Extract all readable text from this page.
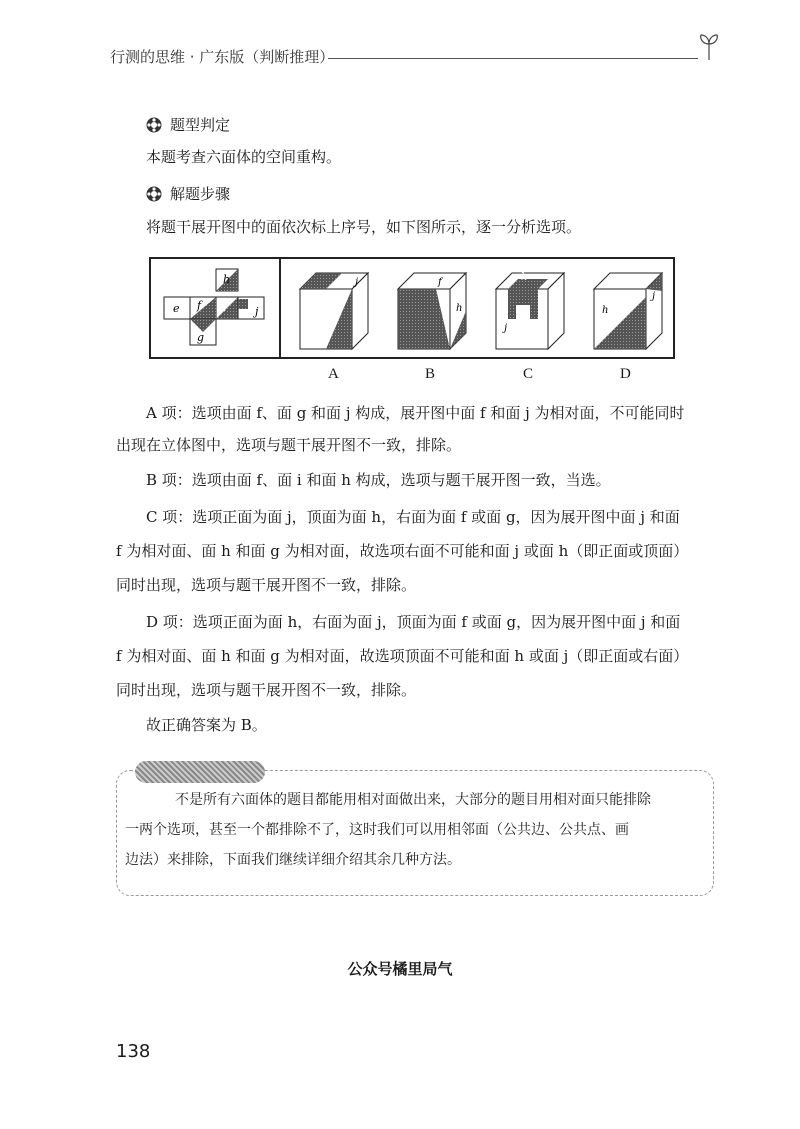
行测的思维 · 广东版（判断推理）
题型判定
本题考查六面体的空间重构。
解题步骤
将题干展开图中的面依次标上序号，如下图所示，逐一分析选项。
h
e f i	j
g
j	f
h
h
j
j
h
A	B	C	D
A 项：选项由面 f、面 g 和面 j 构成，展开图中面 f 和面 j 为相对面，不可能同时
出现在立体图中，选项与题干展开图不一致，排除。
B 项：选项由面 f、面 i 和面 h 构成，选项与题干展开图一致，当选。
C 项：选项正面为面 j，顶面为面 h，右面为面 f 或面 g，因为展开图中面 j 和面
f 为相对面、面 h 和面 g 为相对面，故选项右面不可能和面 j 或面 h（即正面或顶面）
同时出现，选项与题干展开图不一致，排除。
D 项：选项正面为面 h，右面为面 j，顶面为面 f 或面 g，因为展开图中面 j 和面
f 为相对面、面 h 和面 g 为相对面，故选项顶面不可能和面 h 或面 j（即正面或右面）
同时出现，选项与题干展开图不一致，排除。
故正确答案为 B。
不是所有六面体的题目都能用相对面做出来，大部分的题目用相对面只能排除
一两个选项，甚至一个都排除不了，这时我们可以用相邻面（公共边、公共点、画
边法）来排除，下面我们继续详细介绍其余几种方法。
公众号橘里局气
138
